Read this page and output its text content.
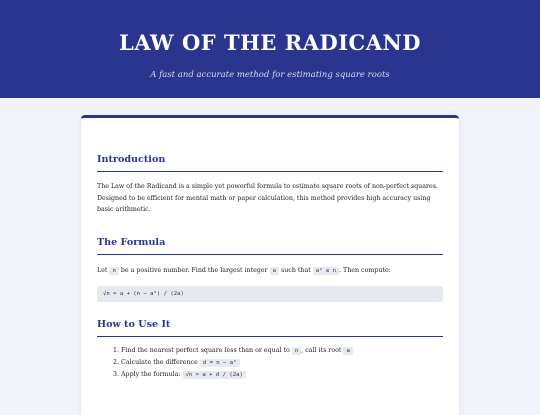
LAW OF THE RADICAND

A fast and accurate method for estimating square roots

Introduction

The Law of the Radicand is a simple yet powerful formula to estimate square roots of non-perfect squares. Designed to be efficient for mental math or paper calculation, this method provides high accuracy using basic arithmetic.

The Formula

Let n be a positive number. Find the largest integer a such that a² ≤ n . Then compute:

√n ≈ a + (n − a²) / (2a)
How to Use It
1. Find the nearest perfect square less than or equal to n , call its root a
2. Calculate the difference d = n − a²
3. Apply the formula: √n ≈ a + d / (2a)
